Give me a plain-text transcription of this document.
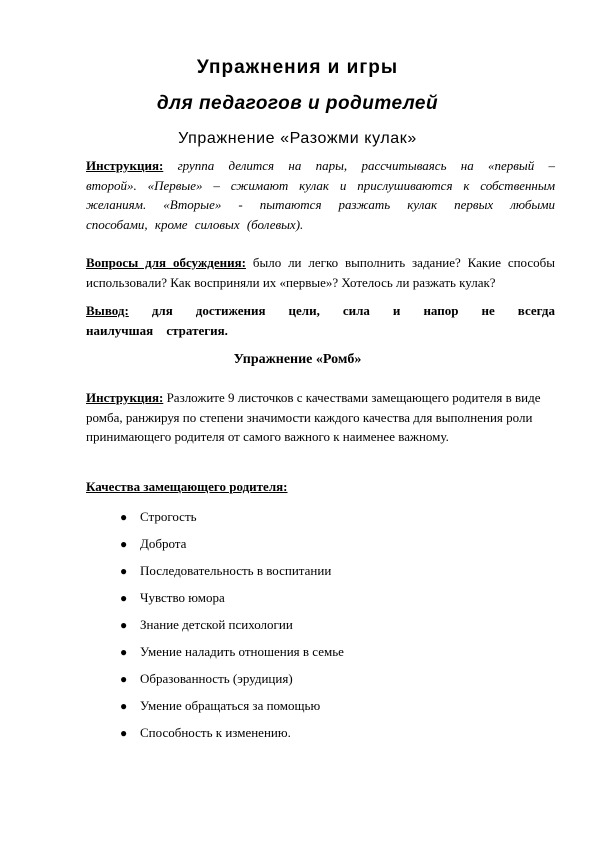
Упражнения и игры
для педагогов и родителей
Упражнение «Разожми кулак»

Инструкция: группа делится на пары, рассчитываясь на «первый – второй». «Первые» – сжимают кулак и прислушиваются к собственным желаниям. «Вторые» - пытаются разжать кулак первых любыми способами, кроме силовых (болевых).

Вопросы для обсуждения: было ли легко выполнить задание? Какие способы использовали? Как восприняли их «первые»? Хотелось ли разжать кулак?

Вывод: для достижения цели, сила и напор не всегда наилучшая стратегия.

Упражнение «Ромб»

Инструкция: Разложите 9 листочков с качествами замещающего родителя в виде ромба, ранжируя по степени значимости каждого качества для выполнения роли принимающего родителя от самого важного к наименее важному.

Качества замещающего родителя:

● Строгость
● Доброта
● Последовательность в воспитании
● Чувство юмора
● Знание детской психологии
● Умение наладить отношения в семье
● Образованность (эрудиция)
● Умение обращаться за помощью
● Способность к изменению.
